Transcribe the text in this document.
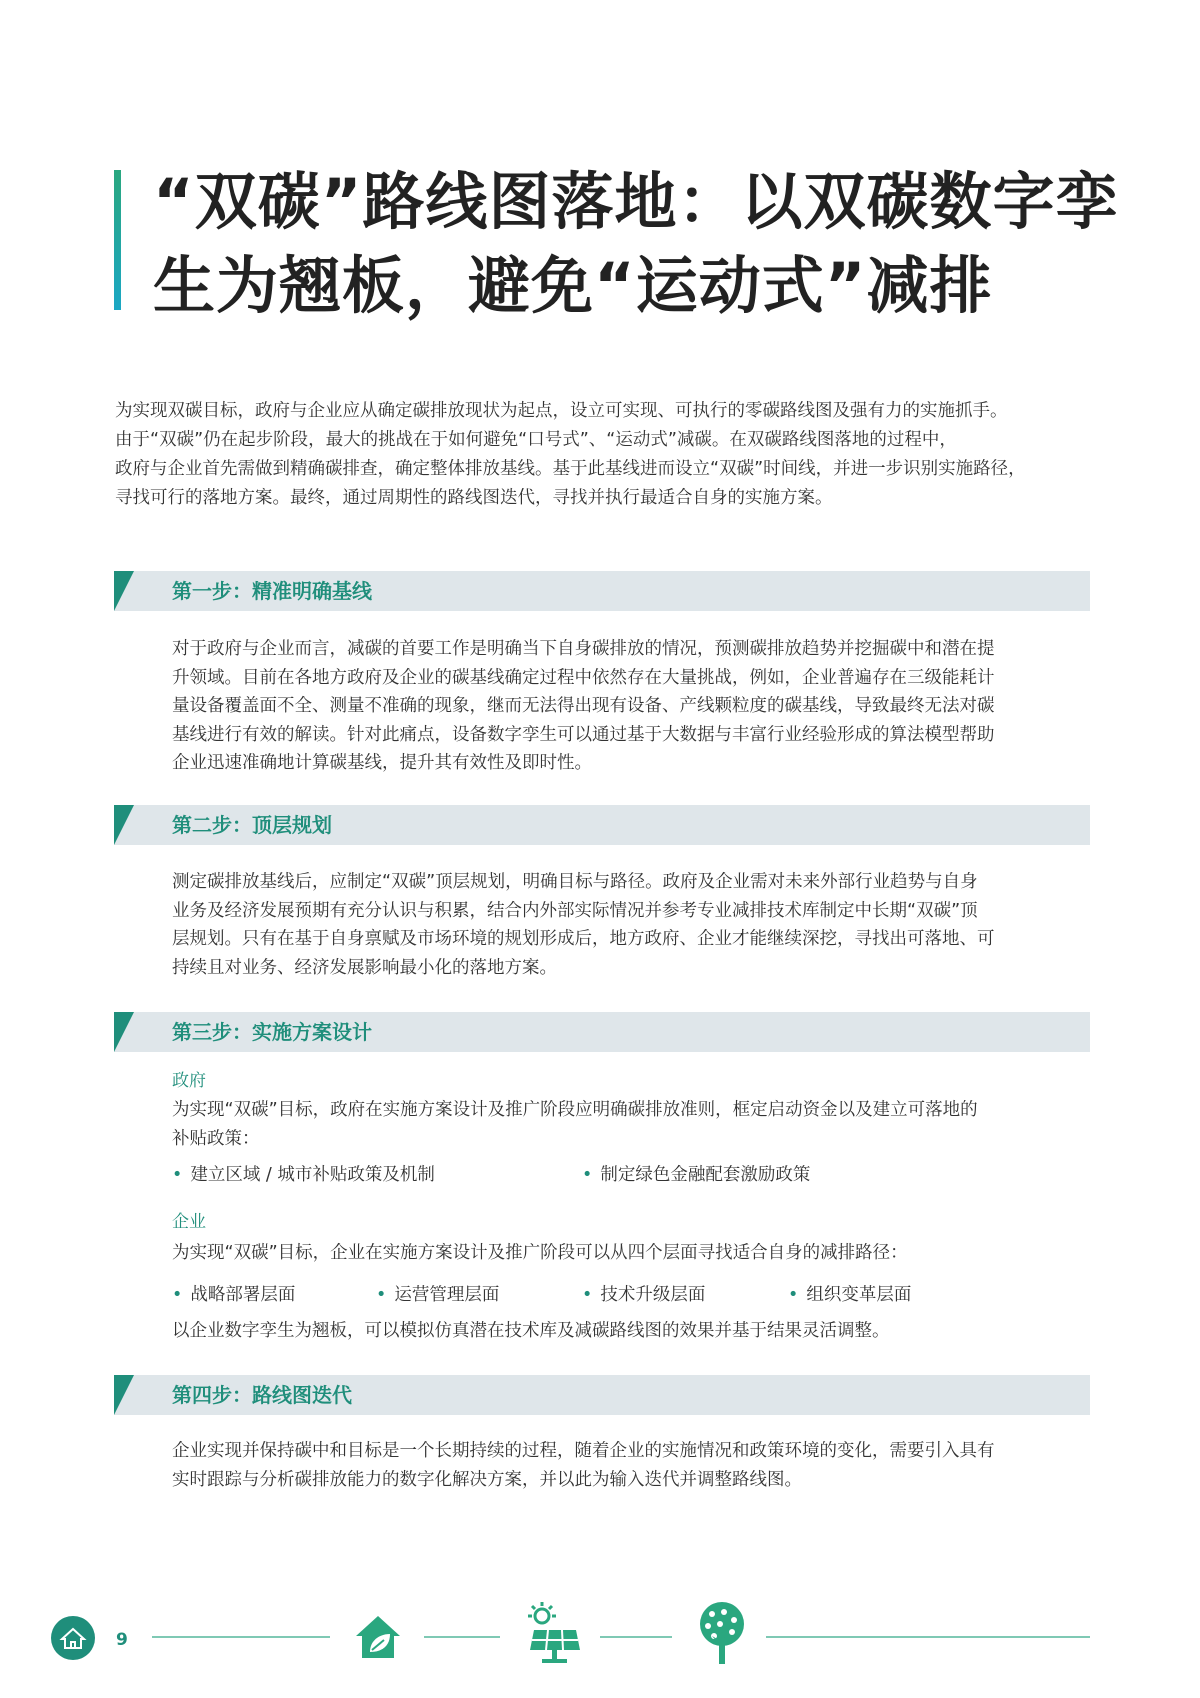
“双碳”路线图落地：以双碳数字孪
生为翘板，避免“运动式”减排

为实现双碳目标，政府与企业应从确定碳排放现状为起点，设立可实现、可执行的零碳路线图及强有力的实施抓手。

由于“双碳”仍在起步阶段，最大的挑战在于如何避免“口号式”、“运动式”减碳。在双碳路线图落地的过程中，

政府与企业首先需做到精确碳排查，确定整体排放基线。基于此基线进而设立“双碳”时间线，并进一步识别实施路径，

寻找可行的落地方案。最终，通过周期性的路线图迭代，寻找并执行最适合自身的实施方案。

第一步：精准明确基线

对于政府与企业而言，减碳的首要工作是明确当下自身碳排放的情况，预测碳排放趋势并挖掘碳中和潜在提

升领域。目前在各地方政府及企业的碳基线确定过程中依然存在大量挑战，例如，企业普遍存在三级能耗计

量设备覆盖面不全、测量不准确的现象，继而无法得出现有设备、产线颗粒度的碳基线，导致最终无法对碳

基线进行有效的解读。针对此痛点，设备数字孪生可以通过基于大数据与丰富行业经验形成的算法模型帮助

企业迅速准确地计算碳基线，提升其有效性及即时性。

第二步：顶层规划

测定碳排放基线后，应制定“双碳”顶层规划，明确目标与路径。政府及企业需对未来外部行业趋势与自身

业务及经济发展预期有充分认识与积累，结合内外部实际情况并参考专业减排技术库制定中长期“双碳”顶

层规划。只有在基于自身禀赋及市场环境的规划形成后，地方政府、企业才能继续深挖，寻找出可落地、可

持续且对业务、经济发展影响最小化的落地方案。

第三步：实施方案设计
政府

为实现“双碳”目标，政府在实施方案设计及推广阶段应明确碳排放准则，框定启动资金以及建立可落地的

补贴政策：

• 建立区域 / 城市补贴政策及机制	• 制定绿色金融配套激励政策
企业

为实现“双碳”目标，企业在实施方案设计及推广阶段可以从四个层面寻找适合自身的减排路径：

• 战略部署层面	• 运营管理层面	• 技术升级层面	• 组织变革层面

以企业数字孪生为翘板，可以模拟仿真潜在技术库及减碳路线图的效果并基于结果灵活调整。

第四步：路线图迭代

企业实现并保持碳中和目标是一个长期持续的过程，随着企业的实施情况和政策环境的变化，需要引入具有

实时跟踪与分析碳排放能力的数字化解决方案，并以此为输入迭代并调整路线图。

9
